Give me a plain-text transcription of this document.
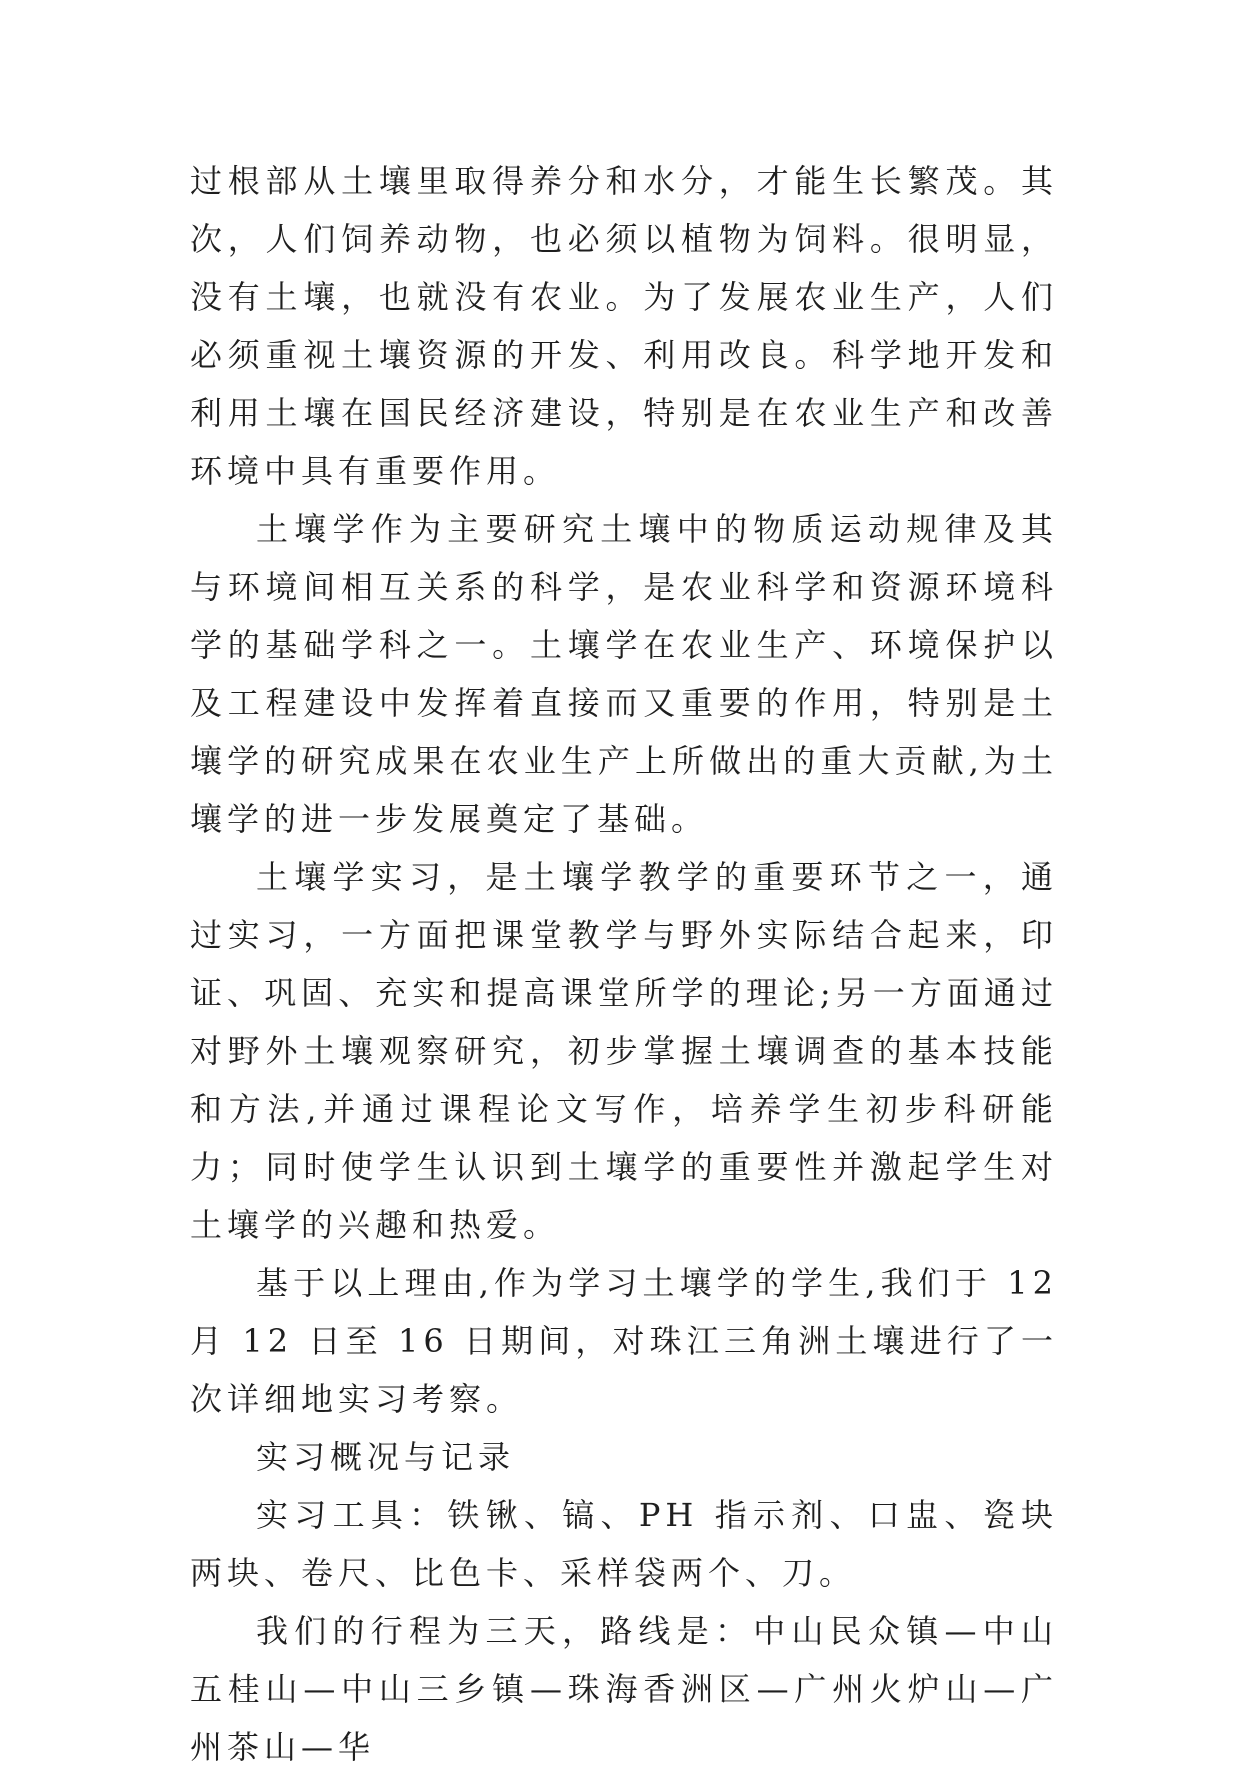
过根部从土壤里取得养分和水分，才能生长繁茂。其次，人们饲养动物，也必须以植物为饲料。很明显，没有土壤，也就没有农业。为了发展农业生产，人们必须重视土壤资源的开发、利用改良。科学地开发和利用土壤在国民经济建设，特别是在农业生产和改善环境中具有重要作用。

土壤学作为主要研究土壤中的物质运动规律及其与环境间相互关系的科学，是农业科学和资源环境科学的基础学科之一。土壤学在农业生产、环境保护以及工程建设中发挥着直接而又重要的作用，特别是土壤学的研究成果在农业生产上所做出的重大贡献,为土壤学的进一步发展奠定了基础。

土壤学实习，是土壤学教学的重要环节之一，通过实习，一方面把课堂教学与野外实际结合起来，印证、巩固、充实和提高课堂所学的理论;另一方面通过对野外土壤观察研究，初步掌握土壤调查的基本技能和方法,并通过课程论文写作，培养学生初步科研能力；同时使学生认识到土壤学的重要性并激起学生对土壤学的兴趣和热爱。

基于以上理由,作为学习土壤学的学生,我们于 12 月 12 日至 16 日期间，对珠江三角洲土壤进行了一次详细地实习考察。

实习概况与记录

实习工具：铁锹、镐、PH 指示剂、口盅、瓷块两块、卷尺、比色卡、采样袋两个、刀。

我们的行程为三天，路线是：中山民众镇—中山五桂山—中山三乡镇—珠海香洲区—广州火炉山—广州茶山—华
